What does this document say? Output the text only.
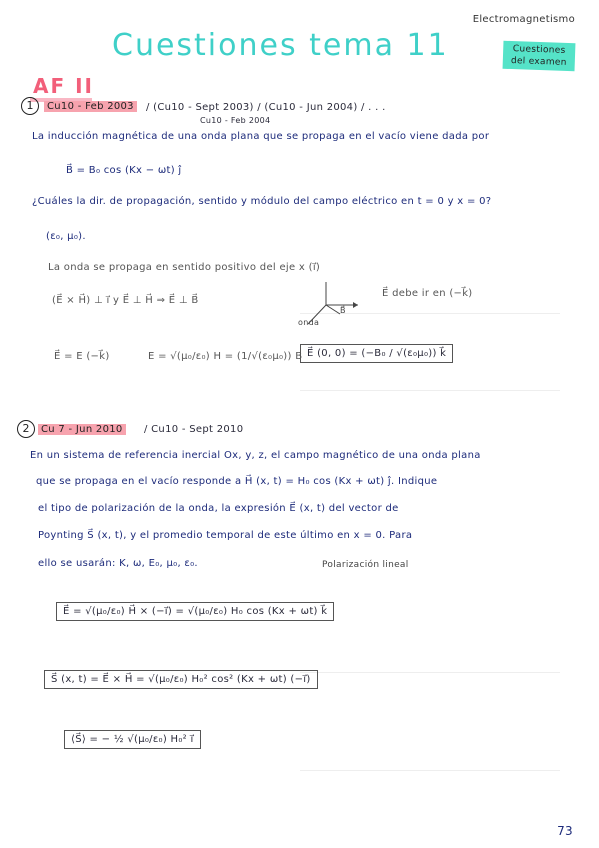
Cuestiones tema 11
Electromagnetismo
Cuestiones del examen
AF II
1	Cu10 - Feb 2003	/ (Cu10 - Sept 2003) / (Cu10 - Jun 2004) / . . .
Cu10 - Feb 2004
La inducción magnética de una onda plana que se propaga en el vacío viene dada por
B⃗ = B₀ cos (Kx − ωt) ĵ
¿Cuáles la dir. de propagación, sentido y módulo del campo eléctrico en t = 0 y x = 0?
(ε₀, μ₀).
La onda se propaga en sentido positivo del eje x (i⃗)
(E⃗ × H⃗) ⊥ i⃗ y E⃗ ⊥ H⃗ ⇒ E⃗ ⊥ B⃗
onda
B⃗
E⃗ debe ir en (−k⃗)
E⃗ = E (−k⃗)	E = √(μ₀/ε₀) H = (1/√(ε₀μ₀)) B E⃗ (0, 0) = (−B₀ / √(ε₀μ₀)) k⃗
2	Cu 7 - Jun 2010	/ Cu10 - Sept 2010
En un sistema de referencia inercial Ox, y, z, el campo magnético de una onda plana
que se propaga en el vacío responde a H⃗ (x, t) = H₀ cos (Kx + ωt) ĵ. Indique
el tipo de polarización de la onda, la expresión E⃗ (x, t) del vector de
Poynting S⃗ (x, t), y el promedio temporal de este último en x = 0. Para
ello se usarán: K, ω, E₀, μ₀, ε₀.	Polarización lineal
E⃗ = √(μ₀/ε₀) H⃗ × (−i⃗) = √(μ₀/ε₀) H₀ cos (Kx + ωt) k⃗
S⃗ (x, t) = E⃗ × H⃗ = √(μ₀/ε₀) H₀² cos² (Kx + ωt) (−i⃗)
⟨S⃗⟩ = − ½ √(μ₀/ε₀) H₀² i⃗
73
